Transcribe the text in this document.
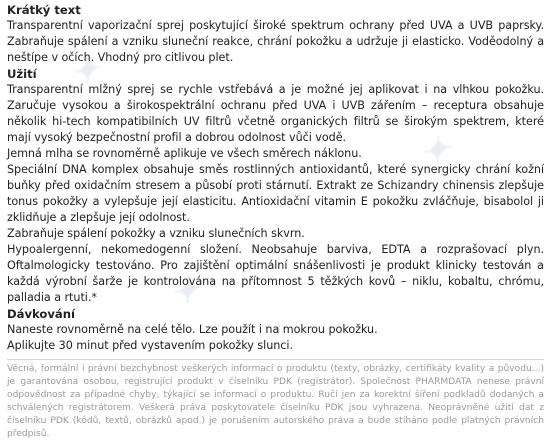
✦
✦
✦

Krátký text

Transparentní vaporizační sprej poskytující široké spektrum ochrany před UVA a UVB paprsky. Zabraňuje spálení a vzniku sluneční reakce, chrání pokožku a udržuje ji elasticko. Voděodolný a neštípe v očích. Vhodný pro citlivou plet.

Užití

Transparentní mlžný sprej se rychle vstřebává a je možné jej aplikovat i na vlhkou pokožku. Zaručuje vysokou a širokospektrální ochranu před UVA i UVB zářením – receptura obsahuje několik hi-tech kompatibilních UV filtrů včetně organických filtrů se širokým spektrem, které mají vysoký bezpečnostní profil a dobrou odolnost vůči vodě.

Jemná mlha se rovnoměrně aplikuje ve všech směrech náklonu.

Speciální DNA komplex obsahuje směs rostlinných antioxidantů, které synergicky chrání kožní buňky před oxidačním stresem a působí proti stárnutí. Extrakt ze Schizandry chinensis zlepšuje tonus pokožky a vylepšuje její elasticitu. Antioxidační vitamin E pokožku zvláčňuje, bisabolol ji zklidňuje a zlepšuje její odolnost.

Zabraňuje spálení pokožky a vzniku slunečních skvrn.

Hypoalergenní, nekomedogenní složení. Neobsahuje barviva, EDTA a rozprašovací plyn. Oftalmologicky testováno. Pro zajištění optimální snášenlivosti je produkt klinicky testován a každá výrobní šarže je kontrolována na přítomnost 5 těžkých kovů – niklu, kobaltu, chrómu, palladia a rtuti.*

Dávkování

Naneste rovnoměrně na celé tělo. Lze použít i na mokrou pokožku.

Aplikujte 30 minut před vystavením pokožky slunci.

Věcná, formální i právní bezchybnost veškerých informací o produktu (texty, obrázky, certifikáty kvality a původu...) je garantována osobou, registrující produkt v číselníku PDK (registrátor). Společnost PHARMDATA nenese právní odpovědnost za případné chyby, týkající se informací o produktu. Ručí jen za korektní šíření podkladů dodaných a schválených registrátorem. Veškerá práva poskytovatele číselníku PDK jsou vyhrazena. Neoprávněné užití dat z číselníku PDK (kódů, textů, obrázků apod.) je porušením autorského práva a bude stíháno podle platných právních předpisů.
